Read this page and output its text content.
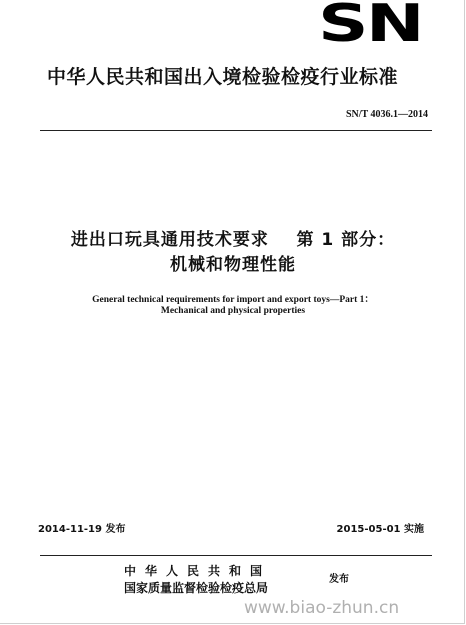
SN
中华人民共和国出入境检验检疫行业标准
SN/T 4036.1—2014
进出口玩具通用技术要求    第 1 部分：
机械和物理性能
General technical requirements for import and export toys—Part 1：
Mechanical and physical properties
2014-11-19 发布	2015-05-01 实施
中华人民共和国
国家质量监督检验检疫总局
发布
www.biao-zhun.cn
